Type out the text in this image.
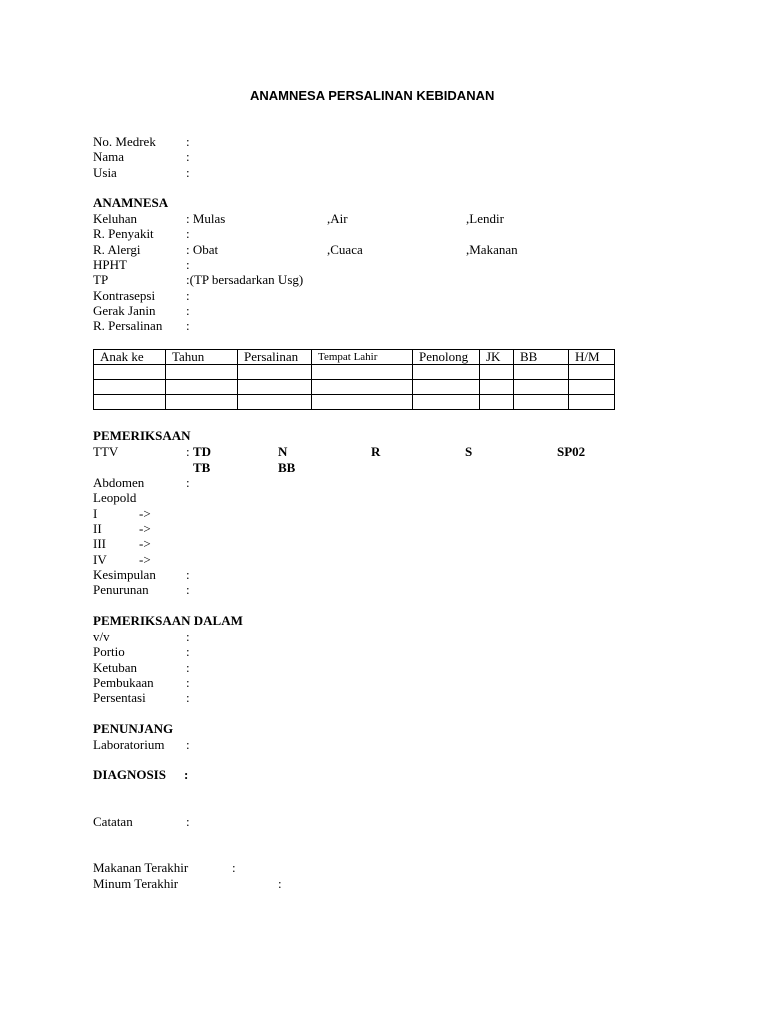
ANAMNESA PERSALINAN KEBIDANAN
No. Medrek :
Nama	:
Usia	:
ANAMNESA
Keluhan	: Mulas	,Air	,Lendir
R. Penyakit :
R. Alergi	: Obat	,Cuaca	,Makanan
HPHT	:
TP	:(TP bersadarkan Usg)
Kontrasepsi :
Gerak Janin :
R. Persalinan :
Anak ke	Tahun	Persalinan	Tempat Lahir	Penolong	JK	BB	H/M

PEMERIKSAAN
TTV	: TD	N	R	S	SP02
TB	BB
Abdomen	:
Leopold
I	->
II	->
III	->
IV ->
Kesimpulan :
Penurunan	:
PEMERIKSAAN DALAM
v/v	:
Portio	:
Ketuban	:
Pembukaan :
Persentasi	:
PENUNJANG
Laboratorium :
DIAGNOSIS :
Catatan	:
Makanan Terakhir	:
Minum Terakhir	:
